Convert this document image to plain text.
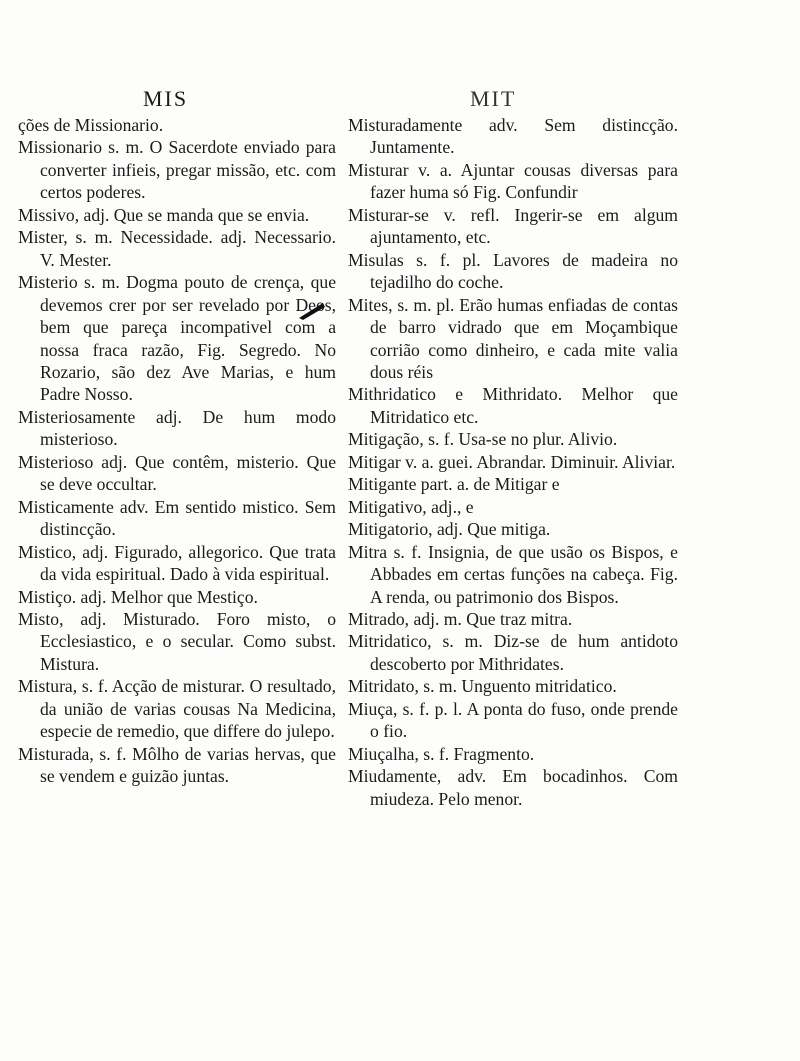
MIS	MIT
ções de Missionario.
Missionario s. m. O Sacerdote enviado para converter infieis, pregar missão, etc. com certos poderes.
Missivo, adj. Que se manda que se envia.
Mister, s. m. Necessidade. adj. Necessario. V. Mester.
Misterio s. m. Dogma pouto de crença, que devemos crer por ser revelado por Deos, bem que pareça incompativel com a nossa fraca razão, Fig. Segredo. No Rozario, são dez Ave Marias, e hum Padre Nosso.
Misteriosamente adj. De hum modo misterioso.
Misterioso adj. Que contêm, misterio. Que se deve occultar.
Misticamente adv. Em sentido mistico. Sem distincção.
Mistico, adj. Figurado, allegorico. Que trata da vida espiritual. Dado à vida espiritual.
Mistiço. adj. Melhor que Mestiço.
Misto, adj. Misturado. Foro misto, o Ecclesiastico, e o secular. Como subst. Mistura.
Mistura, s. f. Acção de misturar. O resultado, da união de varias cousas Na Medicina, especie de remedio, que differe do julepo.
Misturada, s. f. Môlho de varias hervas, que se vendem e guizão juntas.
Misturadamente adv. Sem distincção. Juntamente.
Misturar v. a. Ajuntar cousas diversas para fazer huma só Fig. Confundir
Misturar-se v. refl. Ingerir-se em algum ajuntamento, etc.
Misulas s. f. pl. Lavores de madeira no tejadilho do coche.
Mites, s. m. pl. Erão humas enfiadas de contas de barro vidrado que em Moçambique corrião como dinheiro, e cada mite valia dous réis
Mithridatico e Mithridato. Melhor que Mitridatico etc.
Mitigação, s. f. Usa-se no plur. Alivio.
Mitigar v. a. guei. Abrandar. Diminuir. Aliviar.
Mitigante part. a. de Mitigar e
Mitigativo, adj., e
Mitigatorio, adj. Que mitiga.
Mitra s. f. Insignia, de que usão os Bispos, e Abbades em certas funções na cabeça. Fig. A renda, ou patrimonio dos Bispos.
Mitrado, adj. m. Que traz mitra.
Mitridatico, s. m. Diz-se de hum antidoto descoberto por Mithridates.
Mitridato, s. m. Unguento mitridatico.
Miuça, s. f. p. l. A ponta do fuso, onde prende o fio.
Miuçalha, s. f. Fragmento.
Miudamente, adv. Em bocadinhos. Com miudeza. Pelo menor.
